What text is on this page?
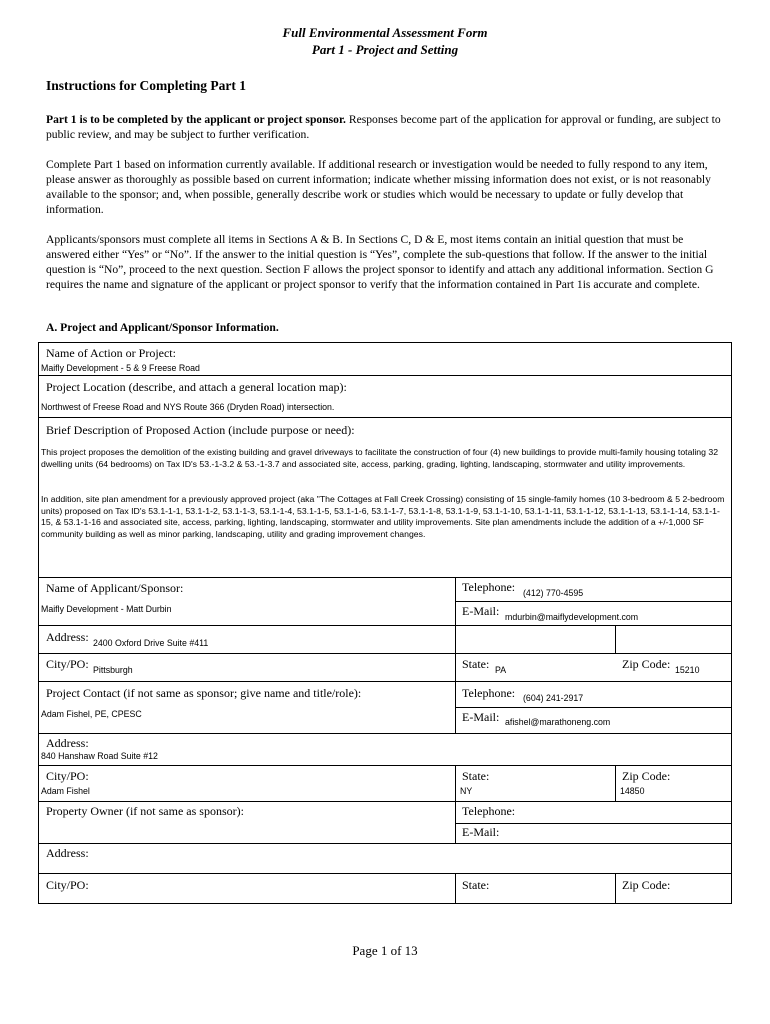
Full Environmental Assessment Form
Part 1 - Project and Setting
Instructions for Completing Part 1

Part 1 is to be completed by the applicant or project sponsor. Responses become part of the application for approval or funding, are subject to public review, and may be subject to further verification.

Complete Part 1 based on information currently available. If additional research or investigation would be needed to fully respond to any item, please answer as thoroughly as possible based on current information; indicate whether missing information does not exist, or is not reasonably available to the sponsor; and, when possible, generally describe work or studies which would be necessary to update or fully develop that information.

Applicants/sponsors must complete all items in Sections A & B. In Sections C, D & E, most items contain an initial question that must be answered either “Yes” or “No”. If the answer to the initial question is “Yes”, complete the sub-questions that follow. If the answer to the initial question is “No”, proceed to the next question. Section F allows the project sponsor to identify and attach any additional information. Section G requires the name and signature of the applicant or project sponsor to verify that the information contained in Part 1is accurate and complete.

A. Project and Applicant/Sponsor Information.
Name of Action or Project:
Maifly Development - 5 & 9 Freese Road
Project Location (describe, and attach a general location map):
Northwest of Freese Road and NYS Route 366 (Dryden Road) intersection.
Brief Description of Proposed Action (include purpose or need):

This project proposes the demolition of the existing building and gravel driveways to facilitate the construction of four (4) new buildings to provide multi-family housing totaling 32 dwelling units (64 bedrooms) on Tax ID's 53.-1-3.2 & 53.-1-3.7 and associated site, access, parking, grading, lighting, landscaping, stormwater and utility improvements.

In addition, site plan amendment for a previously approved project (aka "The Cottages at Fall Creek Crossing) consisting of 15 single-family homes (10 3-bedroom & 5 2-bedroom units) proposed on Tax ID's 53.1-1-1, 53.1-1-2, 53.1-1-3, 53.1-1-4, 53.1-1-5, 53.1-1-6, 53.1-1-7, 53.1-1-8, 53.1-1-9, 53.1-1-10, 53.1-1-11, 53.1-1-12, 53.1-1-13, 53.1-1-14, 53.1-1-15, & 53.1-1-16 and associated site, access, parking, lighting, landscaping, stormwater and utility improvements. Site plan amendments include the addition of a +/-1,000 SF community building as well as minor parking, landscaping, utility and grading improvement changes.

Name of Applicant/Sponsor:
Maifly Development - Matt Durbin
Telephone: (412) 770-4595
E-Mail: mdurbin@maiflydevelopment.com
Address: 2400 Oxford Drive Suite #411
City/PO: Pittsburgh	State: PA	Zip Code: 15210
Project Contact (if not same as sponsor; give name and title/role):
Adam Fishel, PE, CPESC
Telephone: (604) 241-2917
E-Mail: afishel@marathoneng.com
Address:
840 Hanshaw Road Suite #12
City/PO:
Adam Fishel
State:
NY
Zip Code:
14850
Property Owner (if not same as sponsor):	Telephone:
E-Mail:
Address:
City/PO:	State:	Zip Code:
Page 1 of 13
